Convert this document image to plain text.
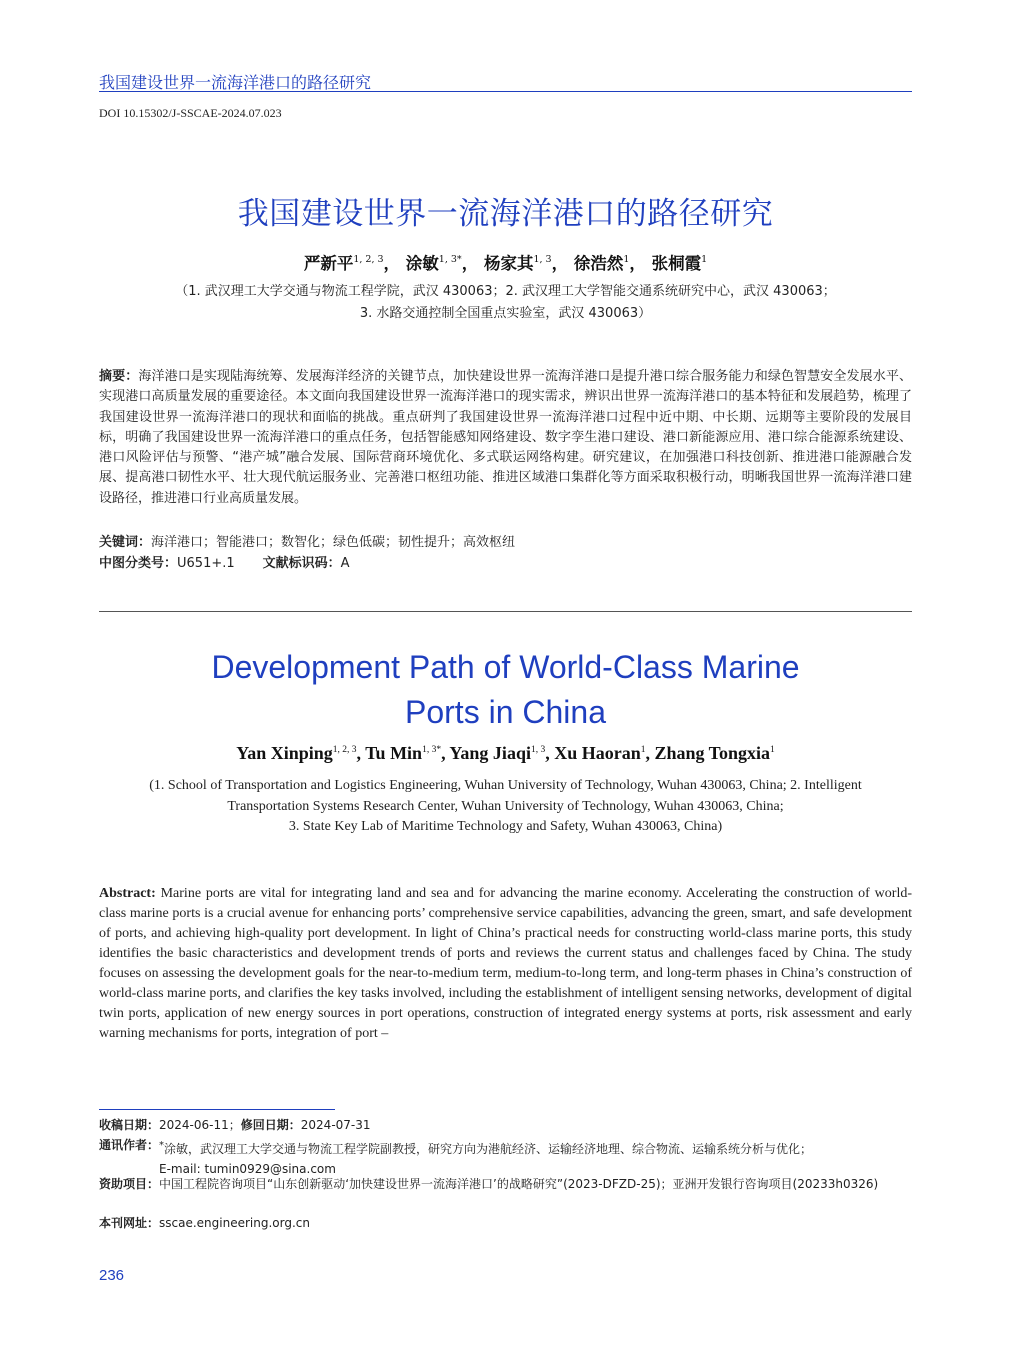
我国建设世界一流海洋港口的路径研究
DOI 10.15302/J-SSCAE-2024.07.023
我国建设世界一流海洋港口的路径研究
严新平$^{1, 2, 3}$， 涂敏$^{1, 3*}$， 杨家其$^{1, 3}$， 徐浩然$^1$， 张桐霞$^1$
（1. 武汉理工大学交通与物流工程学院，武汉 430063；2. 武汉理工大学智能交通系统研究中心，武汉 430063；
3. 水路交通控制全国重点实验室，武汉 430063）
摘要：海洋港口是实现陆海统筹、发展海洋经济的关键节点，加快建设世界一流海洋港口是提升港口综合服务能力和绿色智慧安全发展水平、实现港口高质量发展的重要途径。本文面向我国建设世界一流海洋港口的现实需求，辨识出世界一流海洋港口的基本特征和发展趋势，梳理了我国建设世界一流海洋港口的现状和面临的挑战。重点研判了我国建设世界一流海洋港口过程中近中期、中长期、远期等主要阶段的发展目标，明确了我国建设世界一流海洋港口的重点任务，包括智能感知网络建设、数字孪生港口建设、港口新能源应用、港口综合能源系统建设、港口风险评估与预警、“港产城”融合发展、国际营商环境优化、多式联运网络构建。研究建议，在加强港口科技创新、推进港口能源融合发展、提高港口韧性水平、壮大现代航运服务业、完善港口枢纽功能、推进区域港口集群化等方面采取积极行动，明晰我国世界一流海洋港口建设路径，推进港口行业高质量发展。
关键词：海洋港口；智能港口；数智化；绿色低碳；韧性提升；高效枢纽
中图分类号：U651+.1 文献标识码：A
Development Path of World-Class Marine
Ports in China
Yan Xinping$^{1, 2, 3}$, Tu Min$^{1, 3*}$, Yang Jiaqi$^{1, 3}$, Xu Haoran$^1$, Zhang Tongxia$^1$
(1. School of Transportation and Logistics Engineering, Wuhan University of Technology, Wuhan 430063, China; 2. Intelligent
Transportation Systems Research Center, Wuhan University of Technology, Wuhan 430063, China;
3. State Key Lab of Maritime Technology and Safety, Wuhan 430063, China)
Abstract: Marine ports are vital for integrating land and sea and for advancing the marine economy. Accelerating the construction of world-class marine ports is a crucial avenue for enhancing ports’ comprehensive service capabilities, advancing the green, smart, and safe development of ports, and achieving high-quality port development. In light of China’s practical needs for constructing world-class marine ports, this study identifies the basic characteristics and development trends of ports and reviews the current status and challenges faced by China. The study focuses on assessing the development goals for the near-to-medium term, medium-to-long term, and long-term phases in China’s construction of world-class marine ports, and clarifies the key tasks involved, including the establishment of intelligent sensing networks, development of digital twin ports, application of new energy sources in port operations, construction of integrated energy systems at ports, risk assessment and early warning mechanisms for ports, integration of port –
收稿日期：2024-06-11；修回日期：2024-07-31
通讯作者： *涂敏，武汉理工大学交通与物流工程学院副教授，研究方向为港航经济、运输经济地理、综合物流、运输系统分析与优化；
E-mail: tumin0929@sina.com
资助项目： 中国工程院咨询项目“山东创新驱动‘加快建设世界一流海洋港口’的战略研究”(2023-DFZD-25)；亚洲开发银行咨询项目(20233h0326)
本刊网址：sscae.engineering.org.cn
236
